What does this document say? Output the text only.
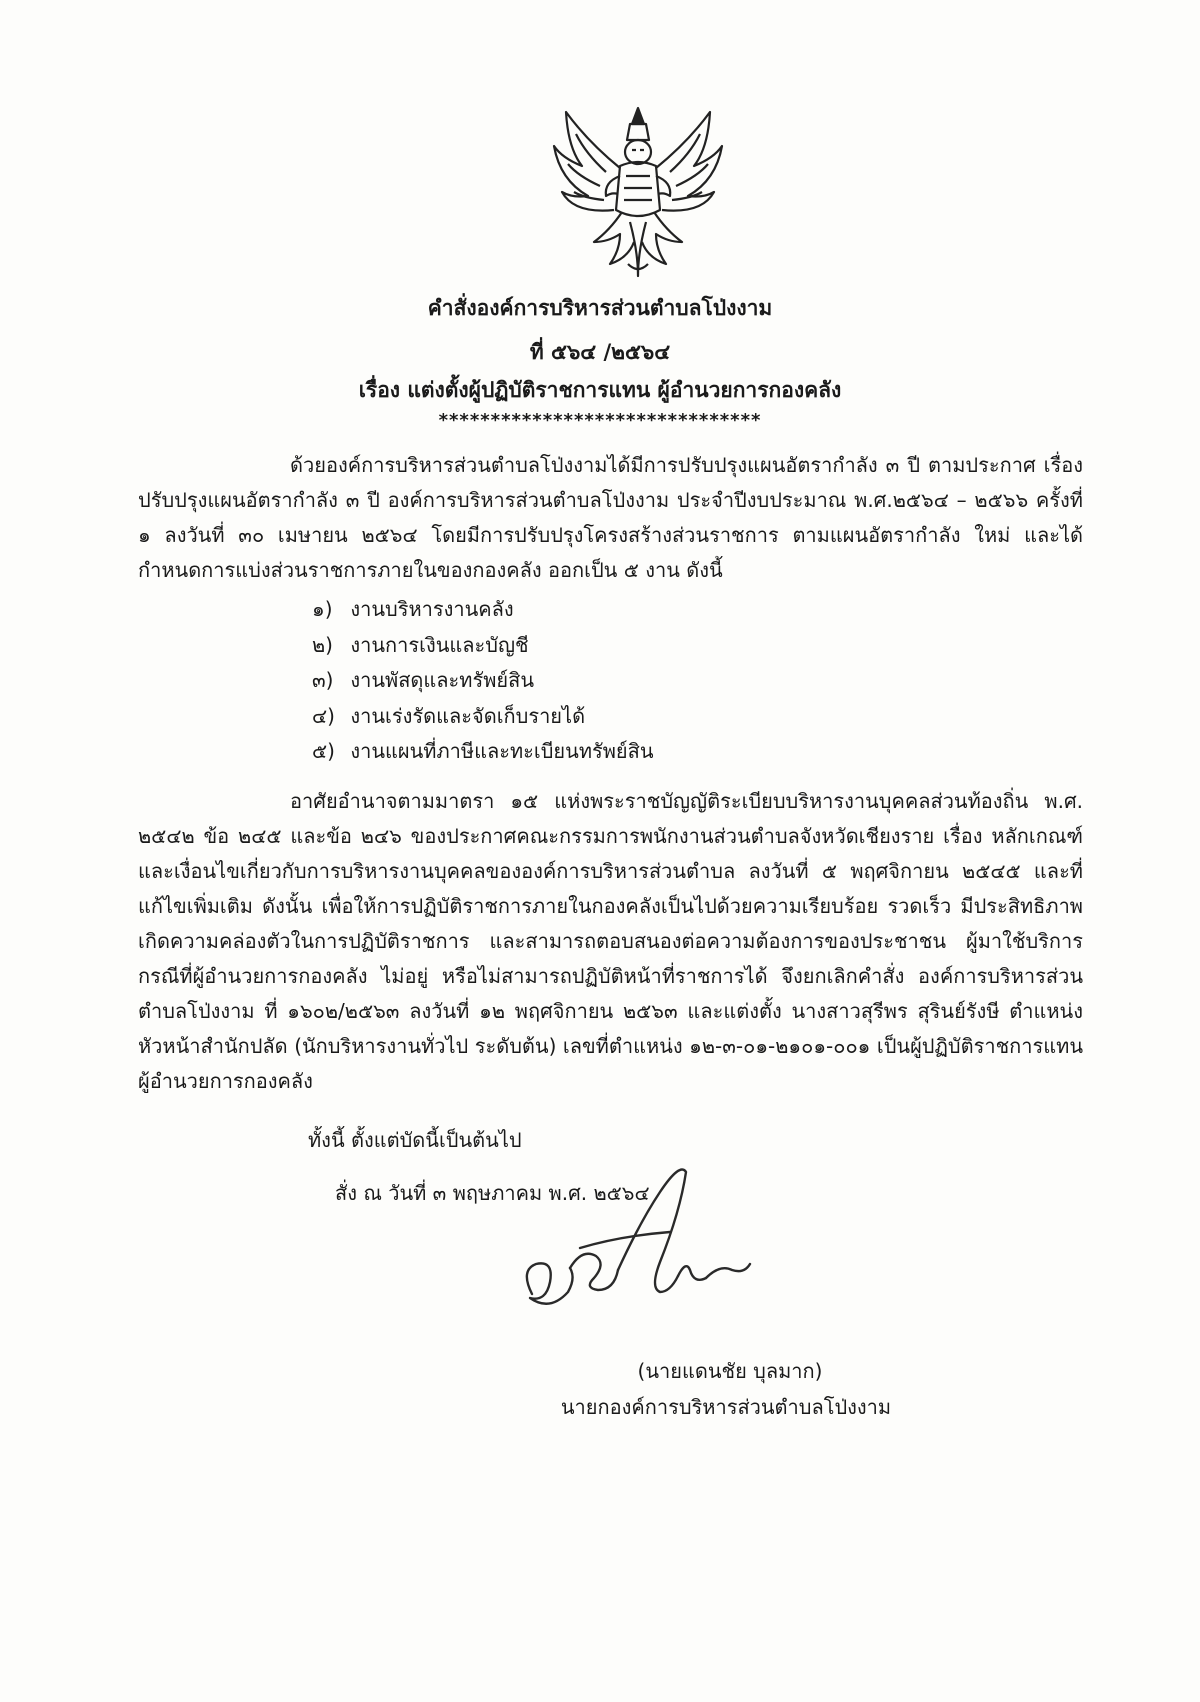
คำสั่งองค์การบริหารส่วนตำบลโป่งงาม
ที่ ๕๖๔ /๒๕๖๔
เรื่อง แต่งตั้งผู้ปฏิบัติราชการแทน ผู้อำนวยการกองคลัง
*******************************
ด้วยองค์การบริหารส่วนตำบลโป่งงามได้มีการปรับปรุงแผนอัตรากำลัง ๓ ปี ตามประกาศ เรื่อง ปรับปรุงแผนอัตรากำลัง ๓ ปี องค์การบริหารส่วนตำบลโป่งงาม ประจำปีงบประมาณ พ.ศ.๒๕๖๔ – ๒๕๖๖ ครั้งที่ ๑ ลงวันที่ ๓๐ เมษายน ๒๕๖๔ โดยมีการปรับปรุงโครงสร้างส่วนราชการ ตามแผนอัตรากำลัง ใหม่ และได้กำหนดการแบ่งส่วนราชการภายในของกองคลัง ออกเป็น ๕ งาน ดังนี้
๑) งานบริหารงานคลัง
๒) งานการเงินและบัญชี
๓) งานพัสดุและทรัพย์สิน
๔) งานเร่งรัดและจัดเก็บรายได้
๕) งานแผนที่ภาษีและทะเบียนทรัพย์สิน
อาศัยอำนาจตามมาตรา ๑๕ แห่งพระราชบัญญัติระเบียบบริหารงานบุคคลส่วนท้องถิ่น พ.ศ. ๒๕๔๒ ข้อ ๒๔๕ และข้อ ๒๔๖ ของประกาศคณะกรรมการพนักงานส่วนตำบลจังหวัดเชียงราย เรื่อง หลักเกณฑ์และเงื่อนไขเกี่ยวกับการบริหารงานบุคคลขององค์การบริหารส่วนตำบล ลงวันที่ ๕ พฤศจิกายน ๒๕๔๕ และที่แก้ไขเพิ่มเติม ดังนั้น เพื่อให้การปฏิบัติราชการภายในกองคลังเป็นไปด้วยความเรียบร้อย รวดเร็ว มีประสิทธิภาพ เกิดความคล่องตัวในการปฏิบัติราชการ และสามารถตอบสนองต่อความต้องการของประชาชน ผู้มาใช้บริการ กรณีที่ผู้อำนวยการกองคลัง ไม่อยู่ หรือไม่สามารถปฏิบัติหน้าที่ราชการได้ จึงยกเลิกคำสั่ง องค์การบริหารส่วนตำบลโป่งงาม ที่ ๑๖๐๒/๒๕๖๓ ลงวันที่ ๑๒ พฤศจิกายน ๒๕๖๓ และแต่งตั้ง นางสาวสุรีพร สุรินย์รังษี ตำแหน่ง หัวหน้าสำนักปลัด (นักบริหารงานทั่วไป ระดับต้น) เลขที่ตำแหน่ง ๑๒-๓-๐๑-๒๑๐๑-๐๐๑ เป็นผู้ปฏิบัติราชการแทน ผู้อำนวยการกองคลัง
ทั้งนี้ ตั้งแต่บัดนี้เป็นต้นไป
สั่ง ณ วันที่ ๓ พฤษภาคม พ.ศ. ๒๕๖๔
(นายแดนชัย บุลมาก)
นายกองค์การบริหารส่วนตำบลโป่งงาม
